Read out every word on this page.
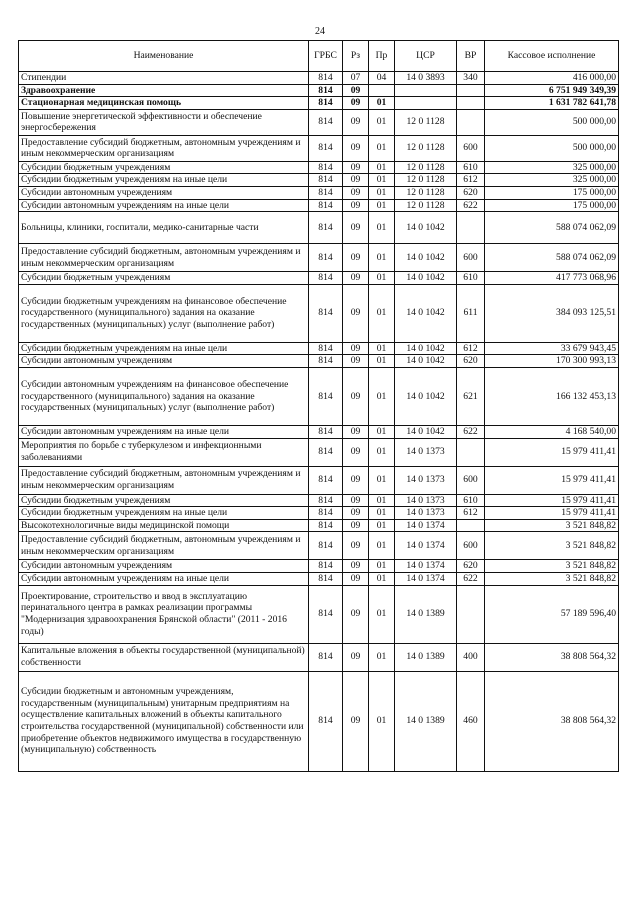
24
Наименование	ГРБС	Рз	Пр	ЦСР	ВР	Кассовое исполнение
Стипендии	814	07	04	14 0 3893	340	416 000,00
Здравоохранение	814	09				6 751 949 349,39
Стационарная медицинская помощь	814	09	01			1 631 782 641,78
Повышение энергетической эффективности и обеспечение энергосбережения	814	09	01	12 0 1128		500 000,00
Предоставление субсидий бюджетным, автономным учреждениям и иным некоммерческим организациям	814	09	01	12 0 1128	600	500 000,00
Субсидии бюджетным учреждениям	814	09	01	12 0 1128	610	325 000,00
Субсидии бюджетным учреждениям на иные цели	814	09	01	12 0 1128	612	325 000,00
Субсидии автономным учреждениям	814	09	01	12 0 1128	620	175 000,00
Субсидии автономным учреждениям на иные цели	814	09	01	12 0 1128	622	175 000,00
Больницы, клиники, госпитали, медико-санитарные части	814	09	01	14 0 1042		588 074 062,09
Предоставление субсидий бюджетным, автономным учреждениям и иным некоммерческим организациям	814	09	01	14 0 1042	600	588 074 062,09
Субсидии бюджетным учреждениям	814	09	01	14 0 1042	610	417 773 068,96
Субсидии бюджетным учреждениям на финансовое обеспечение государственного (муниципального) задания на оказание государственных (муниципальных) услуг (выполнение работ)	814	09	01	14 0 1042	611	384 093 125,51
Субсидии бюджетным учреждениям на иные цели	814	09	01	14 0 1042	612	33 679 943,45
Субсидии автономным учреждениям	814	09	01	14 0 1042	620	170 300 993,13
Субсидии автономным учреждениям на финансовое обеспечение государственного (муниципального) задания на оказание государственных (муниципальных) услуг (выполнение работ)	814	09	01	14 0 1042	621	166 132 453,13
Субсидии автономным учреждениям на иные цели	814	09	01	14 0 1042	622	4 168 540,00
Мероприятия по борьбе с туберкулезом и инфекционными заболеваниями	814	09	01	14 0 1373		15 979 411,41
Предоставление субсидий бюджетным, автономным учреждениям и иным некоммерческим организациям	814	09	01	14 0 1373	600	15 979 411,41
Субсидии бюджетным учреждениям	814	09	01	14 0 1373	610	15 979 411,41
Субсидии бюджетным учреждениям на иные цели	814	09	01	14 0 1373	612	15 979 411,41
Высокотехнологичные виды медицинской помощи	814	09	01	14 0 1374		3 521 848,82
Предоставление субсидий бюджетным, автономным учреждениям и иным некоммерческим организациям	814	09	01	14 0 1374	600	3 521 848,82
Субсидии автономным учреждениям	814	09	01	14 0 1374	620	3 521 848,82
Субсидии автономным учреждениям на иные цели	814	09	01	14 0 1374	622	3 521 848,82
Проектирование, строительство и ввод в эксплуатацию перинатального центра в рамках реализации программы "Модернизация здравоохранения Брянской области" (2011 - 2016 годы)	814	09	01	14 0 1389		57 189 596,40
Капитальные вложения в объекты государственной (муниципальной) собственности	814	09	01	14 0 1389	400	38 808 564,32
Субсидии бюджетным и автономным учреждениям, государственным (муниципальным) унитарным предприятиям на осуществление капитальных вложений в объекты капитального строительства государственной (муниципальной) собственности или приобретение объектов недвижимого имущества в государственную (муниципальную) собственность	814	09	01	14 0 1389	460	38 808 564,32
